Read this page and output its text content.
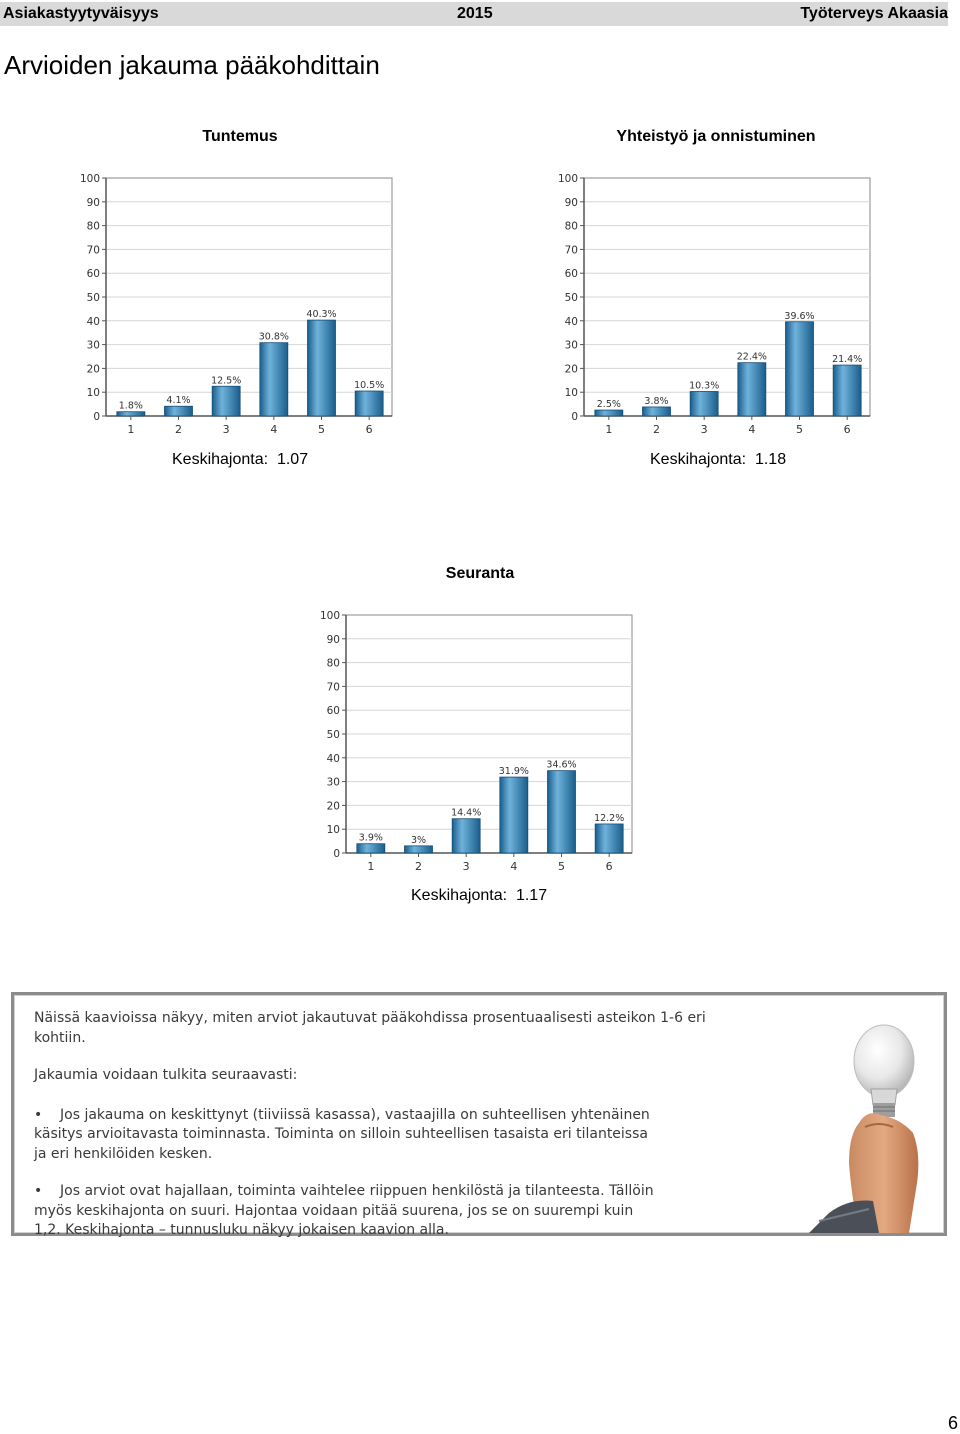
Asiakastyytyväisyys	2015	Työterveys Akaasia
Arvioiden jakauma pääkohdittain
Tuntemus
0
10
20
30
40
50
60
70
80
90
100
1.8%
1
4.1%
2
12.5%
3
30.8%
4
40.3%
5
10.5%
6
Keskihajonta: 1.07
Yhteistyö ja onnistuminen
0
10
20
30
40
50
60
70
80
90
100
2.5%
1
3.8%
2
10.3%
3
22.4%
4
39.6%
5
21.4%
6
Keskihajonta: 1.18
Seuranta
0
10
20
30
40
50
60
70
80
90
100
3.9%
1
3%
2
14.4%
3
31.9%
4
34.6%
5
12.2%
6
Keskihajonta: 1.17

Näissä kaavioissa näkyy, miten arviot jakautuvat pääkohdissa prosentuaalisesti asteikon 1-6 eri kohtiin.

Jakaumia voidaan tulkita seuraavasti:

• Jos jakauma on keskittynyt (tiiviissä kasassa), vastaajilla on suhteellisen yhtenäinen käsitys arvioitavasta toiminnasta. Toiminta on silloin suhteellisen tasaista eri tilanteissa ja eri henkilöiden kesken.

• Jos arviot ovat hajallaan, toiminta vaihtelee riippuen henkilöstä ja tilanteesta. Tällöin myös keskihajonta on suuri. Hajontaa voidaan pitää suurena, jos se on suurempi kuin 1,2. Keskihajonta – tunnusluku näkyy jokaisen kaavion alla.

6
